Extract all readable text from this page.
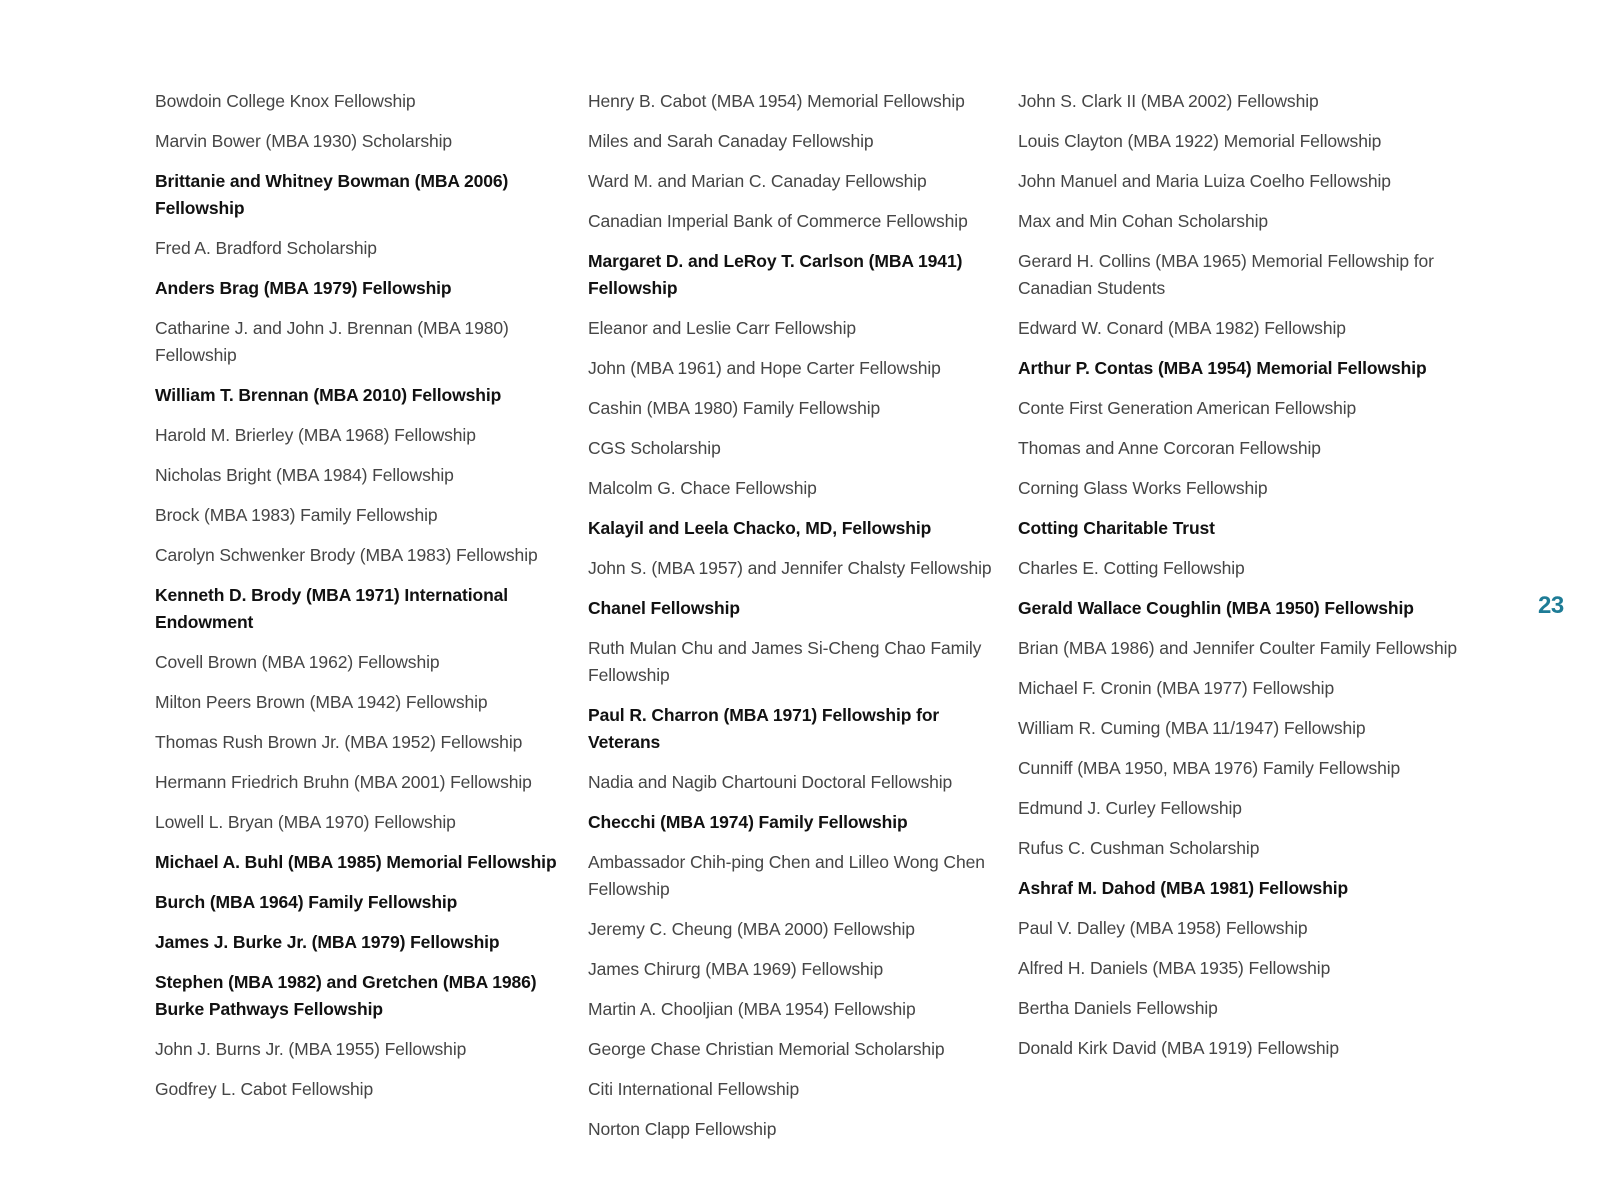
Bowdoin College Knox Fellowship
Marvin Bower (MBA 1930) Scholarship
Brittanie and Whitney Bowman (MBA 2006) Fellowship
Fred A. Bradford Scholarship
Anders Brag (MBA 1979) Fellowship
Catharine J. and John J. Brennan (MBA 1980) Fellowship
William T. Brennan (MBA 2010) Fellowship
Harold M. Brierley (MBA 1968) Fellowship
Nicholas Bright (MBA 1984) Fellowship
Brock (MBA 1983) Family Fellowship
Carolyn Schwenker Brody (MBA 1983) Fellowship
Kenneth D. Brody (MBA 1971) International Endowment
Covell Brown (MBA 1962) Fellowship
Milton Peers Brown (MBA 1942) Fellowship
Thomas Rush Brown Jr. (MBA 1952) Fellowship
Hermann Friedrich Bruhn (MBA 2001) Fellowship
Lowell L. Bryan (MBA 1970) Fellowship
Michael A. Buhl (MBA 1985) Memorial Fellowship
Burch (MBA 1964) Family Fellowship
James J. Burke Jr. (MBA 1979) Fellowship
Stephen (MBA 1982) and Gretchen (MBA 1986) Burke Pathways Fellowship
John J. Burns Jr. (MBA 1955) Fellowship
Godfrey L. Cabot Fellowship
Henry B. Cabot (MBA 1954) Memorial Fellowship
Miles and Sarah Canaday Fellowship
Ward M. and Marian C. Canaday Fellowship
Canadian Imperial Bank of Commerce Fellowship
Margaret D. and LeRoy T. Carlson (MBA 1941) Fellowship
Eleanor and Leslie Carr Fellowship
John (MBA 1961) and Hope Carter Fellowship
Cashin (MBA 1980) Family Fellowship
CGS Scholarship
Malcolm G. Chace Fellowship
Kalayil and Leela Chacko, MD, Fellowship
John S. (MBA 1957) and Jennifer Chalsty Fellowship
Chanel Fellowship
Ruth Mulan Chu and James Si-Cheng Chao Family Fellowship
Paul R. Charron (MBA 1971) Fellowship for Veterans
Nadia and Nagib Chartouni Doctoral Fellowship
Checchi (MBA 1974) Family Fellowship
Ambassador Chih-ping Chen and Lilleo Wong Chen Fellowship
Jeremy C. Cheung (MBA 2000) Fellowship
James Chirurg (MBA 1969) Fellowship
Martin A. Chooljian (MBA 1954) Fellowship
George Chase Christian Memorial Scholarship
Citi International Fellowship
Norton Clapp Fellowship
John S. Clark II (MBA 2002) Fellowship
Louis Clayton (MBA 1922) Memorial Fellowship
John Manuel and Maria Luiza Coelho Fellowship
Max and Min Cohan Scholarship
Gerard H. Collins (MBA 1965) Memorial Fellowship for Canadian Students
Edward W. Conard (MBA 1982) Fellowship
Arthur P. Contas (MBA 1954) Memorial Fellowship
Conte First Generation American Fellowship
Thomas and Anne Corcoran Fellowship
Corning Glass Works Fellowship
Cotting Charitable Trust
Charles E. Cotting Fellowship
Gerald Wallace Coughlin (MBA 1950) Fellowship
Brian (MBA 1986) and Jennifer Coulter Family Fellowship
Michael F. Cronin (MBA 1977) Fellowship
William R. Cuming (MBA 11/1947) Fellowship
Cunniff (MBA 1950, MBA 1976) Family Fellowship
Edmund J. Curley Fellowship
Rufus C. Cushman Scholarship
Ashraf M. Dahod (MBA 1981) Fellowship
Paul V. Dalley (MBA 1958) Fellowship
Alfred H. Daniels (MBA 1935) Fellowship
Bertha Daniels Fellowship
Donald Kirk David (MBA 1919) Fellowship
23
